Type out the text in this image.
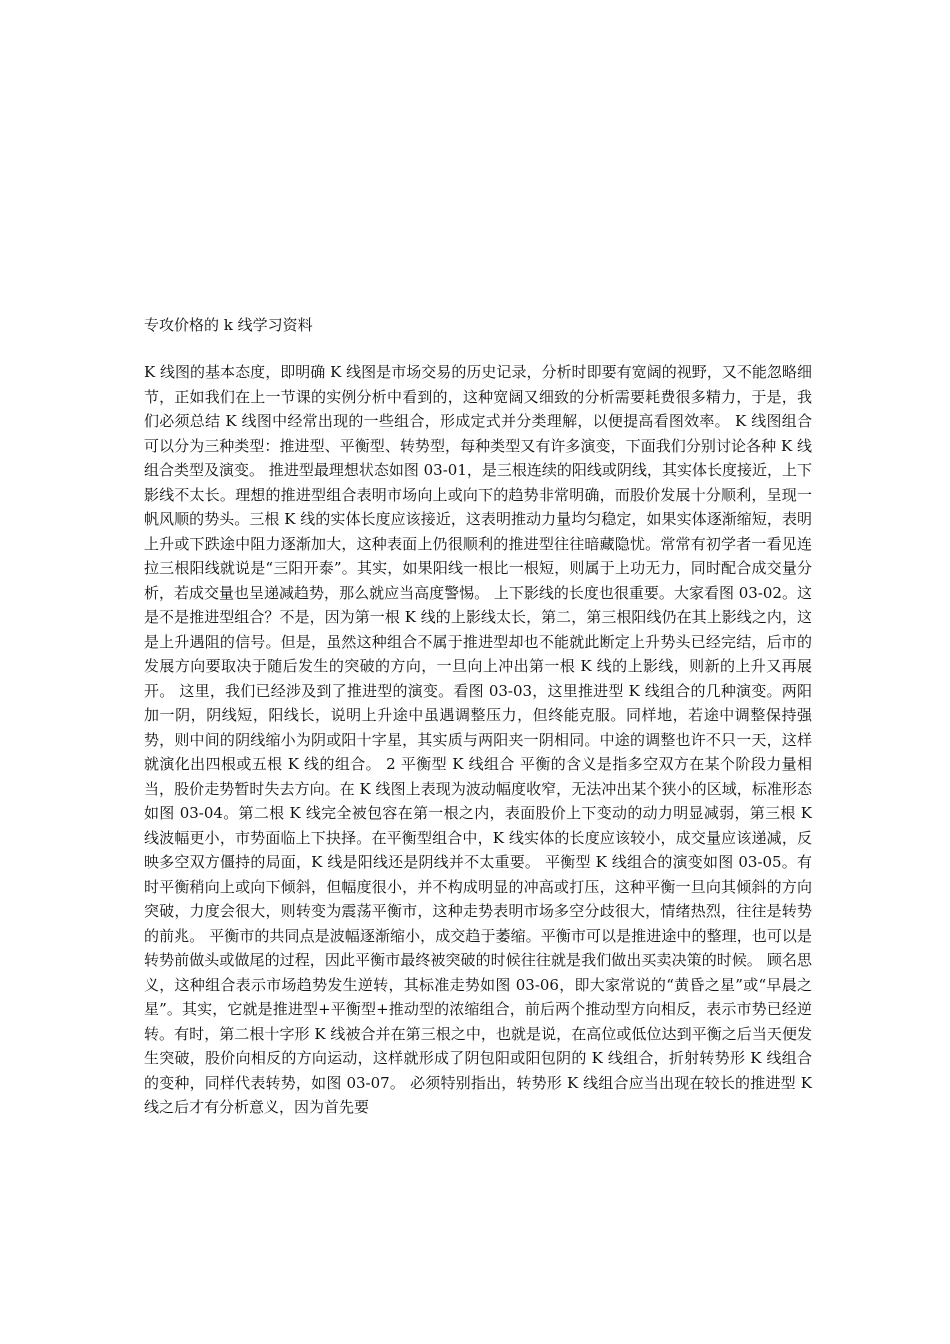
专攻价格的 k 线学习资料

K 线图的基本态度，即明确 K 线图是市场交易的历史记录，分析时即要有宽阔的视野，又不能忽略细节，正如我们在上一节课的实例分析中看到的，这种宽阔又细致的分析需要耗费很多精力，于是，我们必须总结 K 线图中经常出现的一些组合，形成定式并分类理解，以便提高看图效率。 K 线图组合可以分为三种类型：推进型、平衡型、转势型，每种类型又有许多演变，下面我们分别讨论各种 K 线组合类型及演变。 推进型最理想状态如图 03-01，是三根连续的阳线或阴线，其实体长度接近，上下影线不太长。理想的推进型组合表明市场向上或向下的趋势非常明确，而股价发展十分顺利，呈现一帆风顺的势头。三根 K 线的实体长度应该接近，这表明推动力量均匀稳定，如果实体逐渐缩短，表明上升或下跌途中阻力逐渐加大，这种表面上仍很顺利的推进型往往暗藏隐忧。常常有初学者一看见连拉三根阳线就说是“三阳开泰”。其实，如果阳线一根比一根短，则属于上功无力，同时配合成交量分析，若成交量也呈递减趋势，那么就应当高度警惕。 上下影线的长度也很重要。大家看图 03-02。这是不是推进型组合？不是，因为第一根 K 线的上影线太长，第二，第三根阳线仍在其上影线之内，这是上升遇阻的信号。但是，虽然这种组合不属于推进型却也不能就此断定上升势头已经完结，后市的发展方向要取决于随后发生的突破的方向，一旦向上冲出第一根 K 线的上影线，则新的上升又再展开。 这里，我们已经涉及到了推进型的演变。看图 03-03，这里推进型 K 线组合的几种演变。两阳加一阴，阴线短，阳线长，说明上升途中虽遇调整压力，但终能克服。同样地，若途中调整保持强势，则中间的阴线缩小为阴或阳十字星，其实质与两阳夹一阴相同。中途的调整也许不只一天，这样就演化出四根或五根 K 线的组合。 2 平衡型 K 线组合 平衡的含义是指多空双方在某个阶段力量相当，股价走势暂时失去方向。在 K 线图上表现为波动幅度收窄，无法冲出某个狭小的区域，标准形态如图 03-04。第二根 K 线完全被包容在第一根之内，表面股价上下变动的动力明显减弱，第三根 K 线波幅更小，市势面临上下抉择。在平衡型组合中，K 线实体的长度应该较小，成交量应该递减，反映多空双方僵持的局面，K 线是阳线还是阴线并不太重要。 平衡型 K 线组合的演变如图 03-05。有时平衡稍向上或向下倾斜，但幅度很小，并不构成明显的冲高或打压，这种平衡一旦向其倾斜的方向突破，力度会很大，则转变为震荡平衡市，这种走势表明市场多空分歧很大，情绪热烈，往往是转势的前兆。 平衡市的共同点是波幅逐渐缩小，成交趋于萎缩。平衡市可以是推进途中的整理，也可以是转势前做头或做尾的过程，因此平衡市最终被突破的时候往往就是我们做出买卖决策的时候。 顾名思义，这种组合表示市场趋势发生逆转，其标准走势如图 03-06，即大家常说的“黄昏之星”或“早晨之星”。其实，它就是推进型+平衡型+推动型的浓缩组合，前后两个推动型方向相反，表示市势已经逆转。有时，第二根十字形 K 线被合并在第三根之中，也就是说，在高位或低位达到平衡之后当天便发生突破，股价向相反的方向运动，这样就形成了阴包阳或阳包阴的 K 线组合，折射转势形 K 线组合的变种，同样代表转势，如图 03-07。 必须特别指出，转势形 K 线组合应当出现在较长的推进型 K 线之后才有分析意义，因为首先要
